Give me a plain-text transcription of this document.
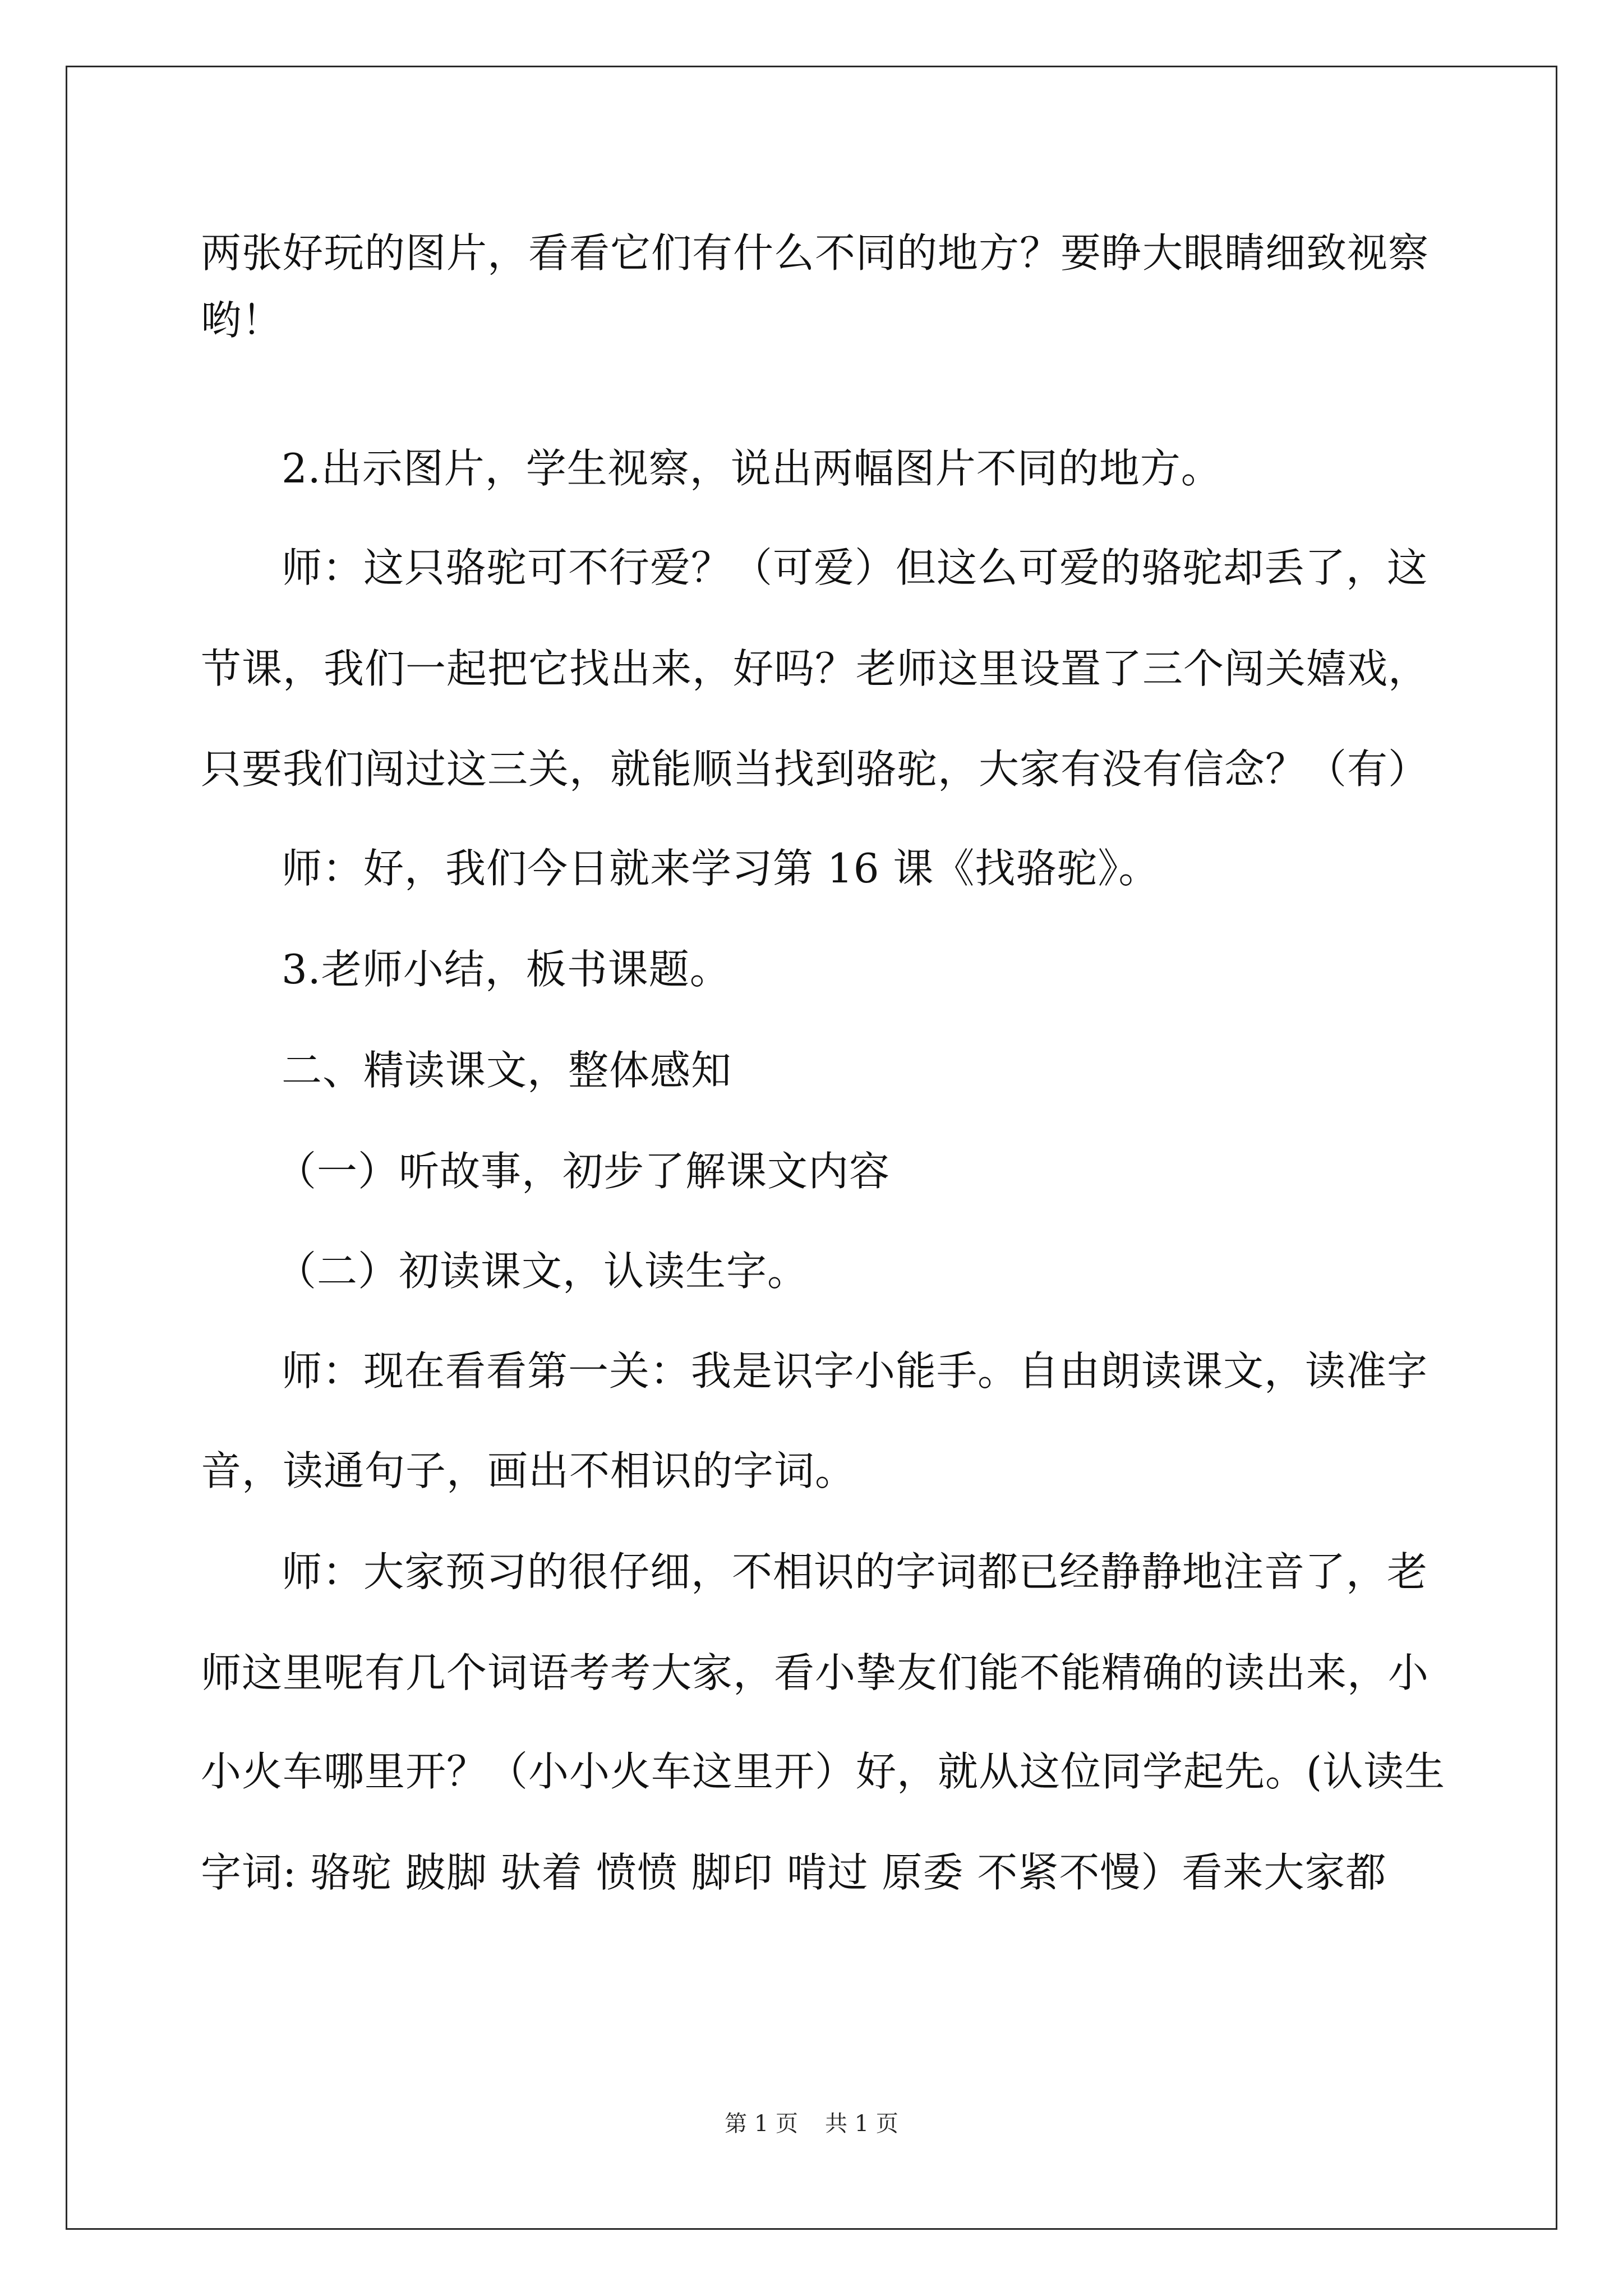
两张好玩的图片，看看它们有什么不同的地方？要睁大眼睛细致视察
哟！
2.出示图片，学生视察，说出两幅图片不同的地方。
师：这只骆驼可不行爱？（可爱）但这么可爱的骆驼却丢了，这
节课，我们一起把它找出来，好吗？老师这里设置了三个闯关嬉戏，
只要我们闯过这三关，就能顺当找到骆驼，大家有没有信念？（有）
师：好，我们今日就来学习第 16 课《找骆驼》。
3.老师小结，板书课题。
二、精读课文，整体感知
（一）听故事，初步了解课文内容
（二）初读课文，认读生字。
师：现在看看第一关：我是识字小能手。自由朗读课文，读准字
音，读通句子，画出不相识的字词。
师：大家预习的很仔细，不相识的字词都已经静静地注音了，老
师这里呢有几个词语考考大家，看小挚友们能不能精确的读出来，小
小火车哪里开？（小小火车这里开）好，就从这位同学起先。(认读生
字词: 骆驼 跛脚 驮着 愤愤 脚印 啃过 原委 不紧不慢）看来大家都
第 1 页 共 1 页
